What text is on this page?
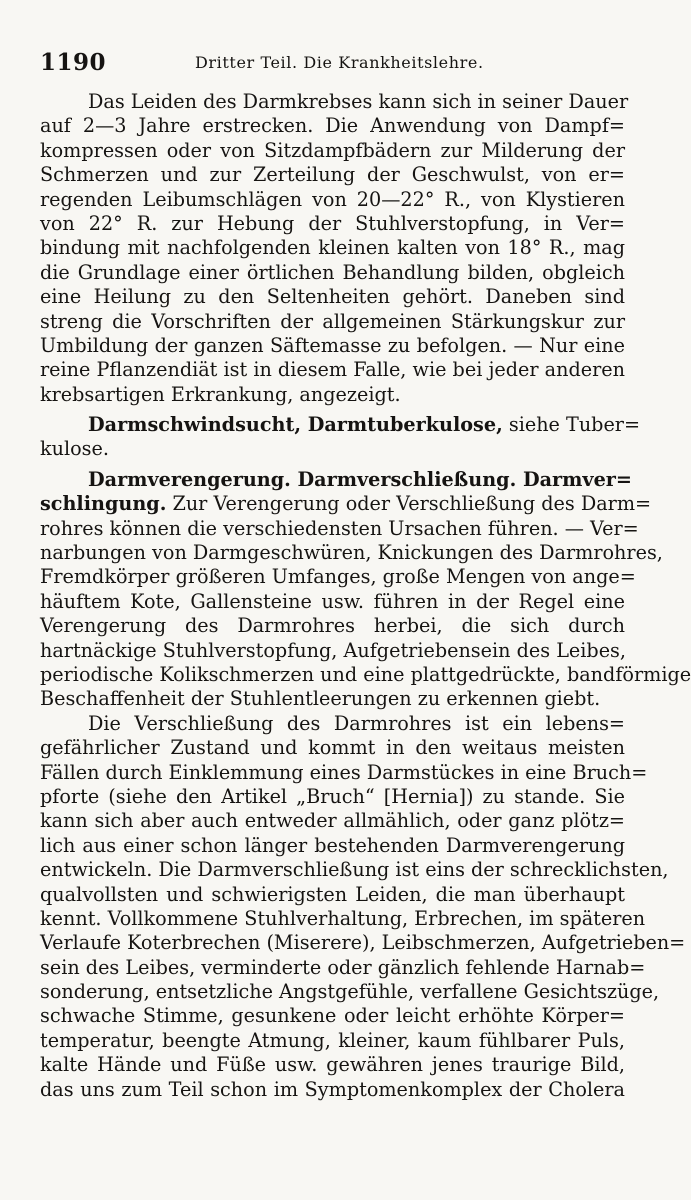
1190	Dritter Teil. Die Krankheitslehre.
Das Leiden des Darmkrebses kann sich in seiner Dauer
auf 2—3 Jahre erstrecken. Die Anwendung von Dampf=
kompressen oder von Sitzdampfbädern zur Milderung der
Schmerzen und zur Zerteilung der Geschwulst, von er=
regenden Leibumschlägen von 20—22° R., von Klystieren
von 22° R. zur Hebung der Stuhlverstopfung, in Ver=
bindung mit nachfolgenden kleinen kalten von 18° R., mag
die Grundlage einer örtlichen Behandlung bilden, obgleich
eine Heilung zu den Seltenheiten gehört. Daneben sind
streng die Vorschriften der allgemeinen Stärkungskur zur
Umbildung der ganzen Säftemasse zu befolgen. — Nur eine
reine Pflanzendiät ist in diesem Falle, wie bei jeder anderen
krebsartigen Erkrankung, angezeigt.
Darmschwindsucht, Darmtuberkulose, siehe Tuber=
kulose.
Darmverengerung. Darmverschließung. Darmver=
schlingung. Zur Verengerung oder Verschließung des Darm=
rohres können die verschiedensten Ursachen führen. — Ver=
narbungen von Darmgeschwüren, Knickungen des Darmrohres,
Fremdkörper größeren Umfanges, große Mengen von ange=
häuftem Kote, Gallensteine usw. führen in der Regel eine
Verengerung des Darmrohres herbei, die sich durch
hartnäckige Stuhlverstopfung, Aufgetriebensein des Leibes,
periodische Kolikschmerzen und eine plattgedrückte, bandförmige
Beschaffenheit der Stuhlentleerungen zu erkennen giebt.
Die Verschließung des Darmrohres ist ein lebens=
gefährlicher Zustand und kommt in den weitaus meisten
Fällen durch Einklemmung eines Darmstückes in eine Bruch=
pforte (siehe den Artikel „Bruch“ [Hernia]) zu stande. Sie
kann sich aber auch entweder allmählich, oder ganz plötz=
lich aus einer schon länger bestehenden Darmverengerung
entwickeln. Die Darmverschließung ist eins der schrecklichsten,
qualvollsten und schwierigsten Leiden, die man überhaupt
kennt. Vollkommene Stuhlverhaltung, Erbrechen, im späteren
Verlaufe Koterbrechen (Miserere), Leibschmerzen, Aufgetrieben=
sein des Leibes, verminderte oder gänzlich fehlende Harnab=
sonderung, entsetzliche Angstgefühle, verfallene Gesichtszüge,
schwache Stimme, gesunkene oder leicht erhöhte Körper=
temperatur, beengte Atmung, kleiner, kaum fühlbarer Puls,
kalte Hände und Füße usw. gewähren jenes traurige Bild,
das uns zum Teil schon im Symptomenkomplex der Cholera
